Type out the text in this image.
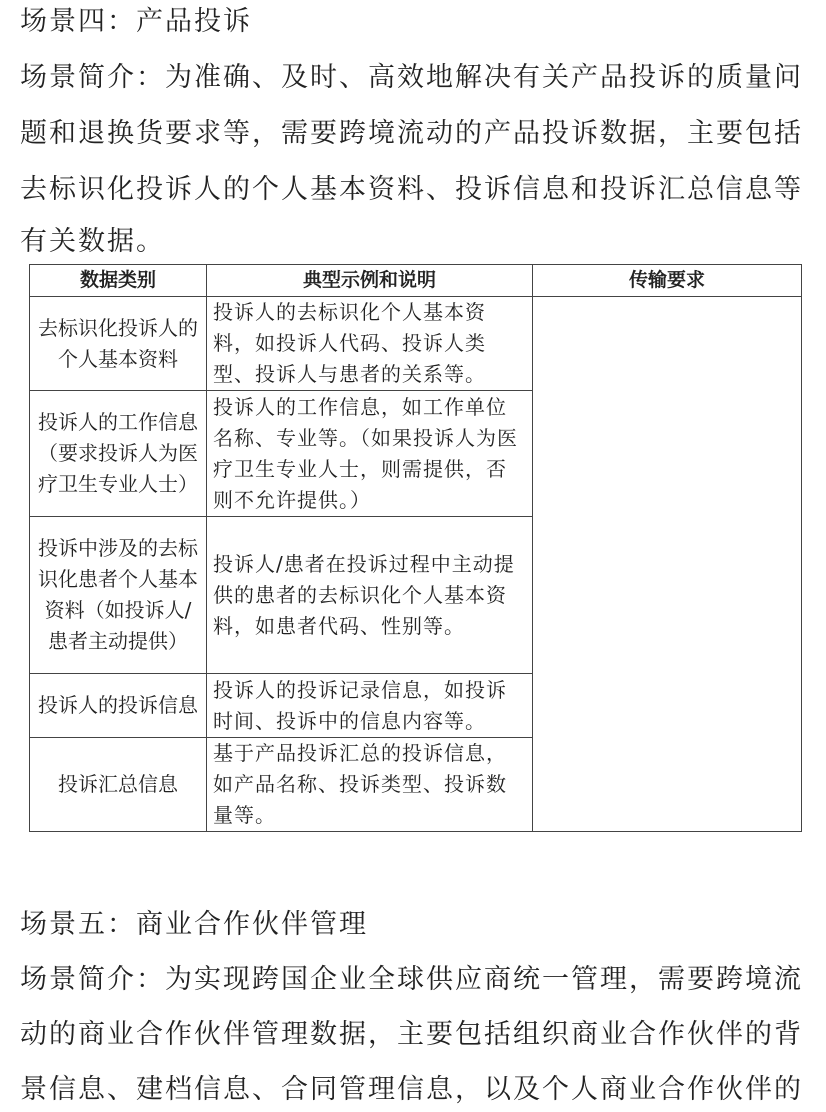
场景四：产品投诉
场景简介：为准确、及时、高效地解决有关产品投诉的质量问
题和退换货要求等，需要跨境流动的产品投诉数据，主要包括
去标识化投诉人的个人基本资料、投诉信息和投诉汇总信息等
有关数据。
数据类别	典型示例和说明	传输要求
去标识化投诉人的个人基本资料	投诉人的去标识化个人基本资料，如投诉人代码、投诉人类型、投诉人与患者的关系等。	
投诉人的工作信息（要求投诉人为医疗卫生专业人士）	投诉人的工作信息，如工作单位名称、专业等。（如果投诉人为医疗卫生专业人士，则需提供，否则不允许提供。）	
投诉中涉及的去标识化患者个人基本资料（如投诉人/患者主动提供）	投诉人/患者在投诉过程中主动提供的患者的去标识化个人基本资料，如患者代码、性别等。	
投诉人的投诉信息	投诉人的投诉记录信息，如投诉时间、投诉中的信息内容等。	
投诉汇总信息	基于产品投诉汇总的投诉信息，如产品名称、投诉类型、投诉数量等。	
场景五：商业合作伙伴管理
场景简介：为实现跨国企业全球供应商统一管理，需要跨境流
动的商业合作伙伴管理数据，主要包括组织商业合作伙伴的背
景信息、建档信息、合同管理信息，以及个人商业合作伙伴的
